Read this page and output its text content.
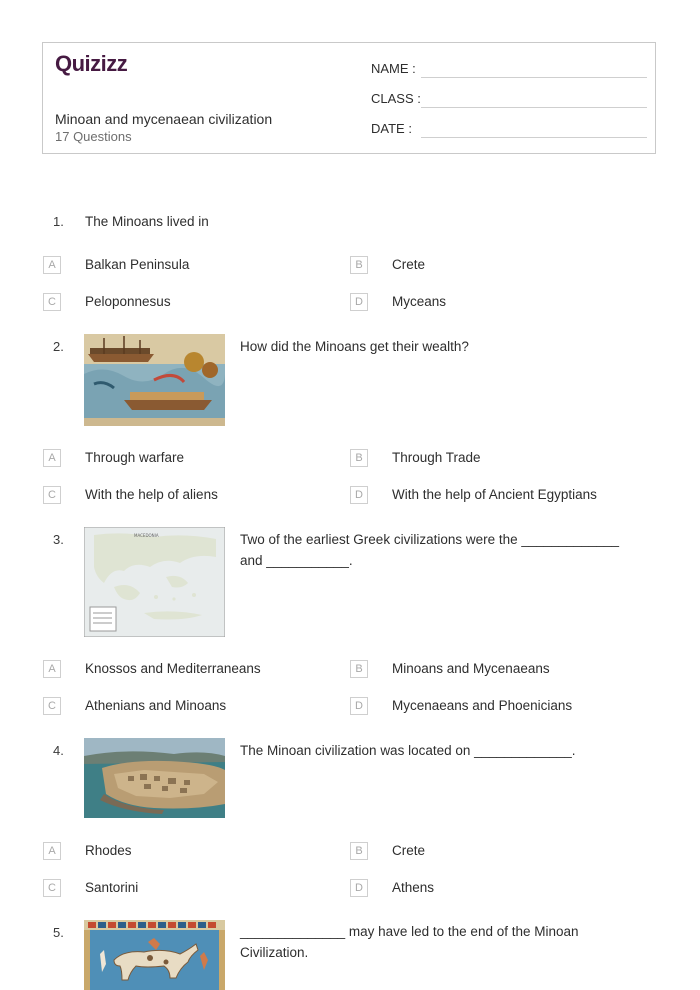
Quizizz
Minoan and mycenaean civilization
17 Questions
NAME :
CLASS :
DATE :
1. The Minoans lived in
A	Balkan Peninsula	B	Crete
C	Peloponnesus	D	Myceans
2.	How did the Minoans get their wealth?
A	Through warfare	B	Through Trade
C	With the help of aliens	D	With the help of Ancient Egyptians
3.	MACEDONIA	Two of the earliest Greek civilizations were the _____________
and ___________.
A	Knossos and Mediterraneans	B	Minoans and Mycenaeans
C	Athenians and Minoans	D	Mycenaeans and Phoenicians
4.	The Minoan civilization was located on _____________.
A	Rhodes	B	Crete
C	Santorini	D	Athens
5.	______________ may have led to the end of the Minoan
Civilization.
